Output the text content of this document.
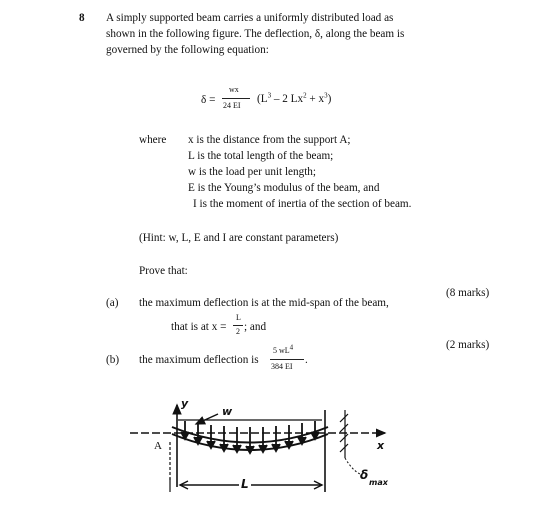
8 A simply supported beam carries a uniformly distributed load as
shown in the following figure. The deflection, δ, along the beam is
governed by the following equation:
δ =
wx
24 EI
($L^3 - 2$ $Lx^2 + x^3$)
where x is the distance from the support A;
L is the total length of the beam;
w is the load per unit length;
E is the Young’s modulus of the beam, and
I is the moment of inertia of the section of beam.
(Hint: w, L, E and I are constant parameters)
Prove that:
(8 marks)
(a) the maximum deflection is at the mid-span of the beam,
that is at x =
L
2 ; and
(2 marks)
(b) the maximum deflection is
5 $wL^4$
384 EI
.
y
w
A
L
x
δ
max
